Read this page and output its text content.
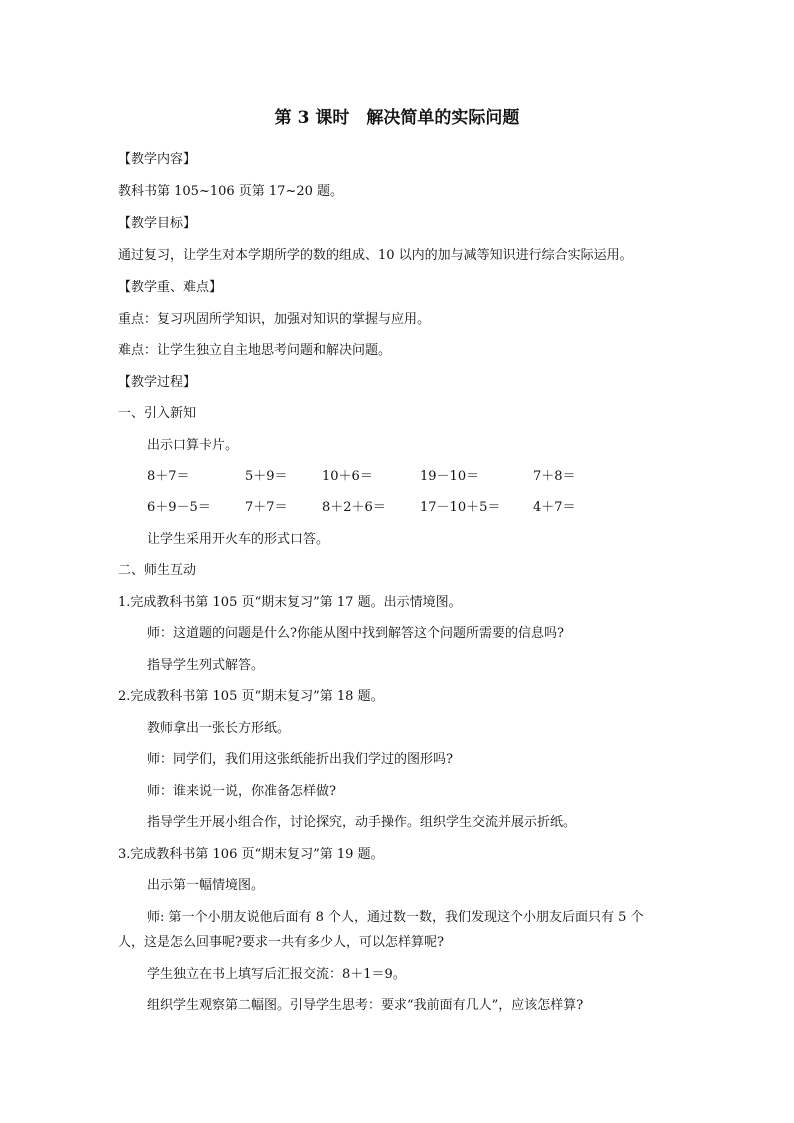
第 3 课时　解决简单的实际问题

【教学内容】

教科书第 105~106 页第 17~20 题。

【教学目标】

通过复习，让学生对本学期所学的数的组成、10 以内的加与减等知识进行综合实际运用。

【教学重、难点】

重点：复习巩固所学知识，加强对知识的掌握与应用。

难点：让学生独立自主地思考问题和解决问题。

【教学过程】

一、引入新知

出示口算卡片。

8＋7＝	5＋9＝	10＋6＝	19－10＝	7＋8＝
6＋9－5＝	7＋7＝	8＋2＋6＝	17－10＋5＝	4＋7＝

让学生采用开火车的形式口答。

二、师生互动

1.完成教科书第 105 页“期末复习”第 17 题。出示情境图。

师：这道题的问题是什么?你能从图中找到解答这个问题所需要的信息吗?

指导学生列式解答。

2.完成教科书第 105 页“期末复习”第 18 题。

教师拿出一张长方形纸。

师：同学们，我们用这张纸能折出我们学过的图形吗?

师：谁来说一说，你准备怎样做?

指导学生开展小组合作，讨论探究，动手操作。组织学生交流并展示折纸。

3.完成教科书第 106 页“期末复习”第 19 题。

出示第一幅情境图。

师: 第一个小朋友说他后面有 8 个人，通过数一数，我们发现这个小朋友后面只有 5 个

人，这是怎么回事呢?要求一共有多少人，可以怎样算呢?

学生独立在书上填写后汇报交流：8＋1＝9。

组织学生观察第二幅图。引导学生思考：要求“我前面有几人”，应该怎样算?
